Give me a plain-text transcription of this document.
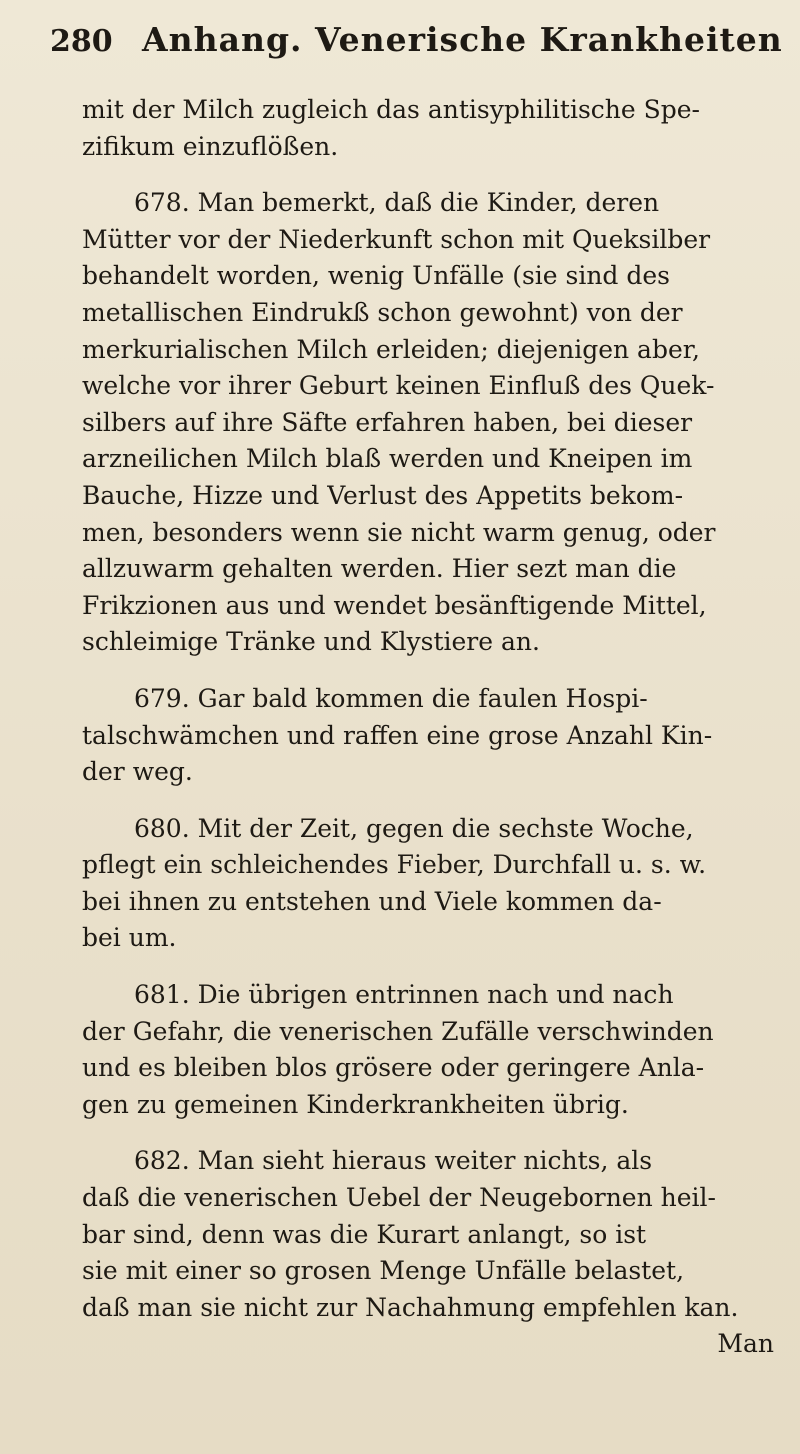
280 Anhang. Venerische Krankheiten
mit der Milch zugleich das antisyphilitische Spe-
zifikum einzuflößen.
678. Man bemerkt, daß die Kinder, deren
Mütter vor der Niederkunft schon mit Queksilber
behandelt worden, wenig Unfälle (sie sind des
metallischen Eindrukß schon gewohnt) von der
merkurialischen Milch erleiden; diejenigen aber,
welche vor ihrer Geburt keinen Einfluß des Quek-
silbers auf ihre Säfte erfahren haben, bei dieser
arzneilichen Milch blaß werden und Kneipen im
Bauche, Hizze und Verlust des Appetits bekom-
men, besonders wenn sie nicht warm genug, oder
allzuwarm gehalten werden. Hier sezt man die
Frikzionen aus und wendet besänftigende Mittel,
schleimige Tränke und Klystiere an.
679. Gar bald kommen die faulen Hospi-
talschwämchen und raffen eine grose Anzahl Kin-
der weg.
680. Mit der Zeit, gegen die sechste Woche,
pflegt ein schleichendes Fieber, Durchfall u. s. w.
bei ihnen zu entstehen und Viele kommen da-
bei um.
681. Die übrigen entrinnen nach und nach
der Gefahr, die venerischen Zufälle verschwinden
und es bleiben blos grösere oder geringere Anla-
gen zu gemeinen Kinderkrankheiten übrig.
682. Man sieht hieraus weiter nichts, als
daß die venerischen Uebel der Neugebornen heil-
bar sind, denn was die Kurart anlangt, so ist
sie mit einer so grosen Menge Unfälle belastet,
daß man sie nicht zur Nachahmung empfehlen kan.
Man
